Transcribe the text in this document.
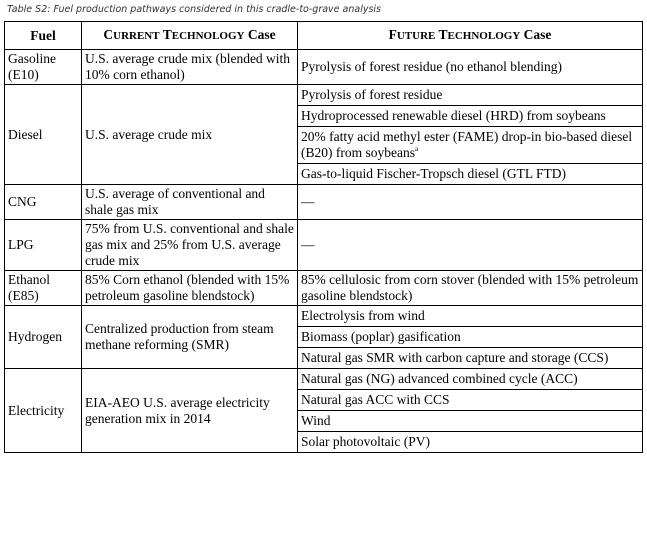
Table S2: Fuel production pathways considered in this cradle-to-grave analysis
Fuel	CURRENT TECHNOLOGY Case	FUTURE TECHNOLOGY Case
Gasoline (E10)	U.S. average crude mix (blended with 10% corn ethanol)	Pyrolysis of forest residue (no ethanol blending)
Diesel	U.S. average crude mix	Pyrolysis of forest residue
Hydroprocessed renewable diesel (HRD) from soybeans
20% fatty acid methyl ester (FAME) drop-in bio-based diesel (B20) from soybeans$^a$
Gas-to-liquid Fischer-Tropsch diesel (GTL FTD)

CNG	U.S. average of conventional and shale gas mix	—
LPG	75% from U.S. conventional and shale gas mix and 25% from U.S. average crude mix	—
Ethanol (E85)	85% Corn ethanol (blended with 15% petroleum gasoline blendstock)	85% cellulosic from corn stover (blended with 15% petroleum gasoline blendstock)
Hydrogen	Centralized production from steam methane reforming (SMR)	Electrolysis from wind
Biomass (poplar) gasification
Natural gas SMR with carbon capture and storage (CCS)

Electricity	EIA-AEO U.S. average electricity generation mix in 2014	Natural gas (NG) advanced combined cycle (ACC)
Natural gas ACC with CCS
Wind
Solar photovoltaic (PV)
